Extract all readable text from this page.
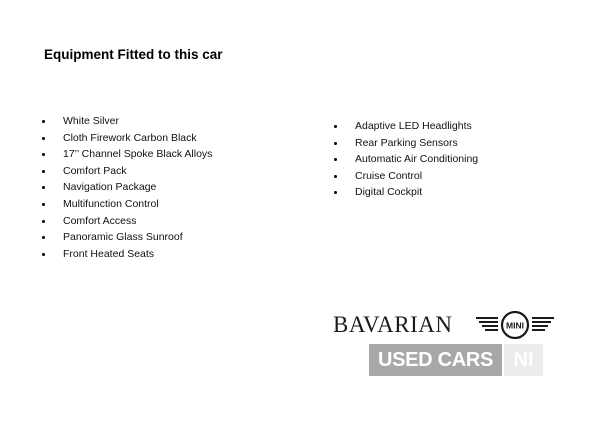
Equipment Fitted to this car
White Silver
Cloth Firework Carbon Black
17’’ Channel Spoke Black Alloys
Comfort Pack
Navigation Package
Multifunction Control
Comfort Access
Panoramic Glass Sunroof
Front Heated Seats
Adaptive LED Headlights
Rear Parking Sensors
Automatic Air Conditioning
Cruise Control
Digital Cockpit
BAVARIAN	MINI
USED CARS	NI
